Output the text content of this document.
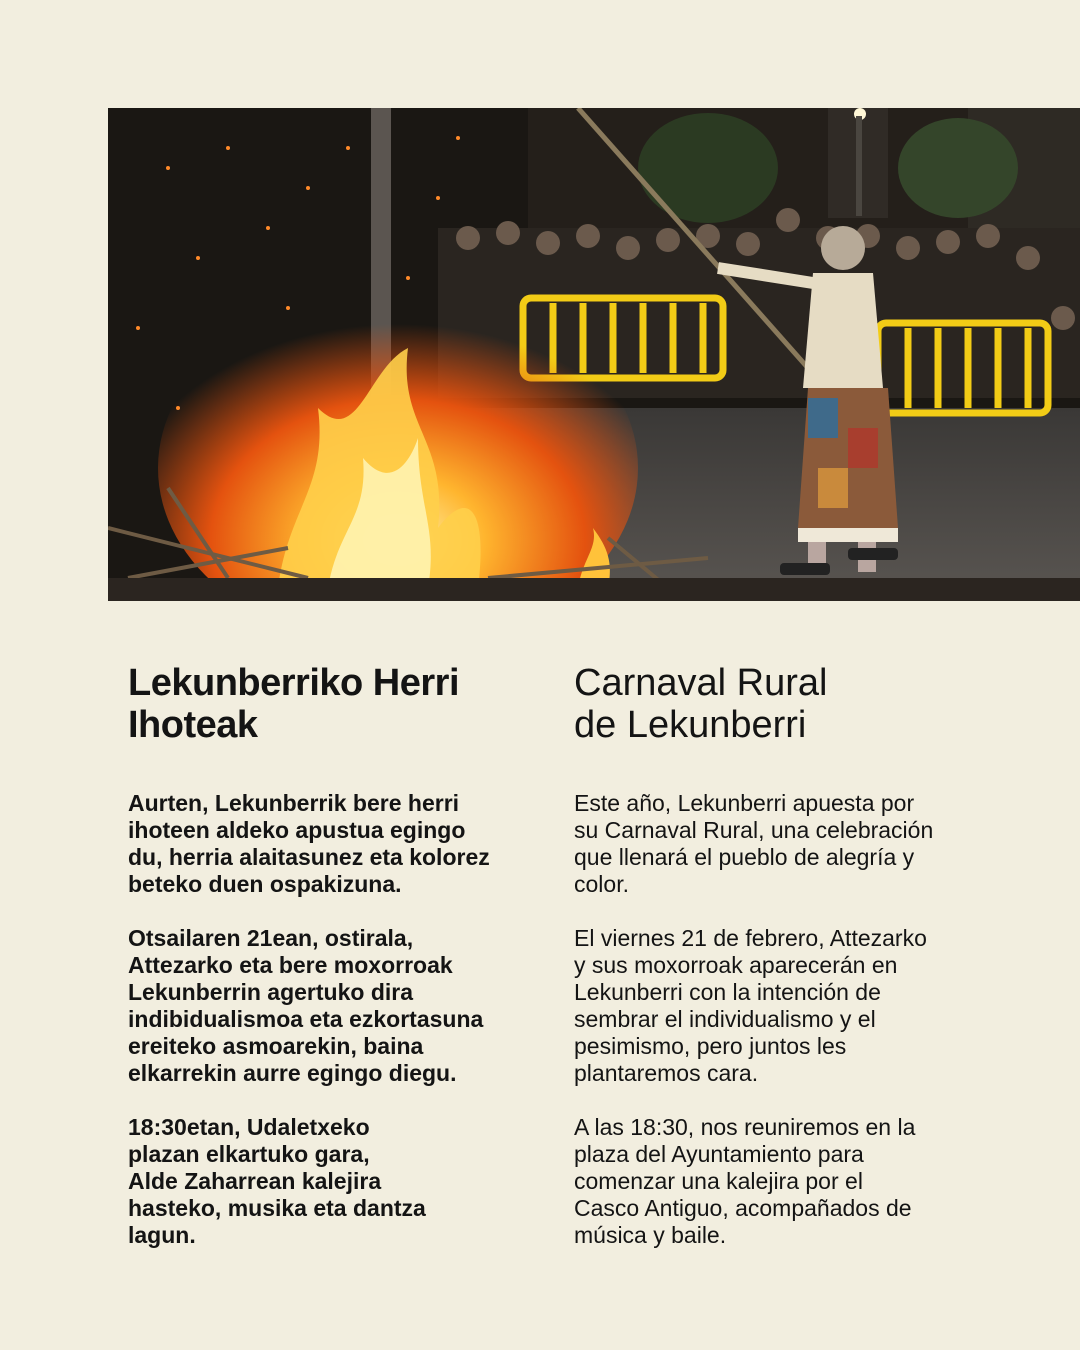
Lekunberriko Herri
Ihoteak

Aurten, Lekunberrik bere herri
ihoteen aldeko apustua egingo
du, herria alaitasunez eta kolorez
beteko duen ospakizuna.

Otsailaren 21ean, ostirala,
Attezarko eta bere moxorroak
Lekunberrin agertuko dira
indibidualismoa eta ezkortasuna
ereiteko asmoarekin, baina
elkarrekin aurre egingo diegu.

18:30etan, Udaletxeko
plazan elkartuko gara,
Alde Zaharrean kalejira
hasteko, musika eta dantza
lagun.

Carnaval Rural
de Lekunberri

Este año, Lekunberri apuesta por
su Carnaval Rural, una celebración
que llenará el pueblo de alegría y
color.

El viernes 21 de febrero, Attezarko
y sus moxorroak aparecerán en
Lekunberri con la intención de
sembrar el individualismo y el
pesimismo, pero juntos les
plantaremos cara.

A las 18:30, nos reuniremos en la
plaza del Ayuntamiento para
comenzar una kalejira por el
Casco Antiguo, acompañados de
música y baile.
